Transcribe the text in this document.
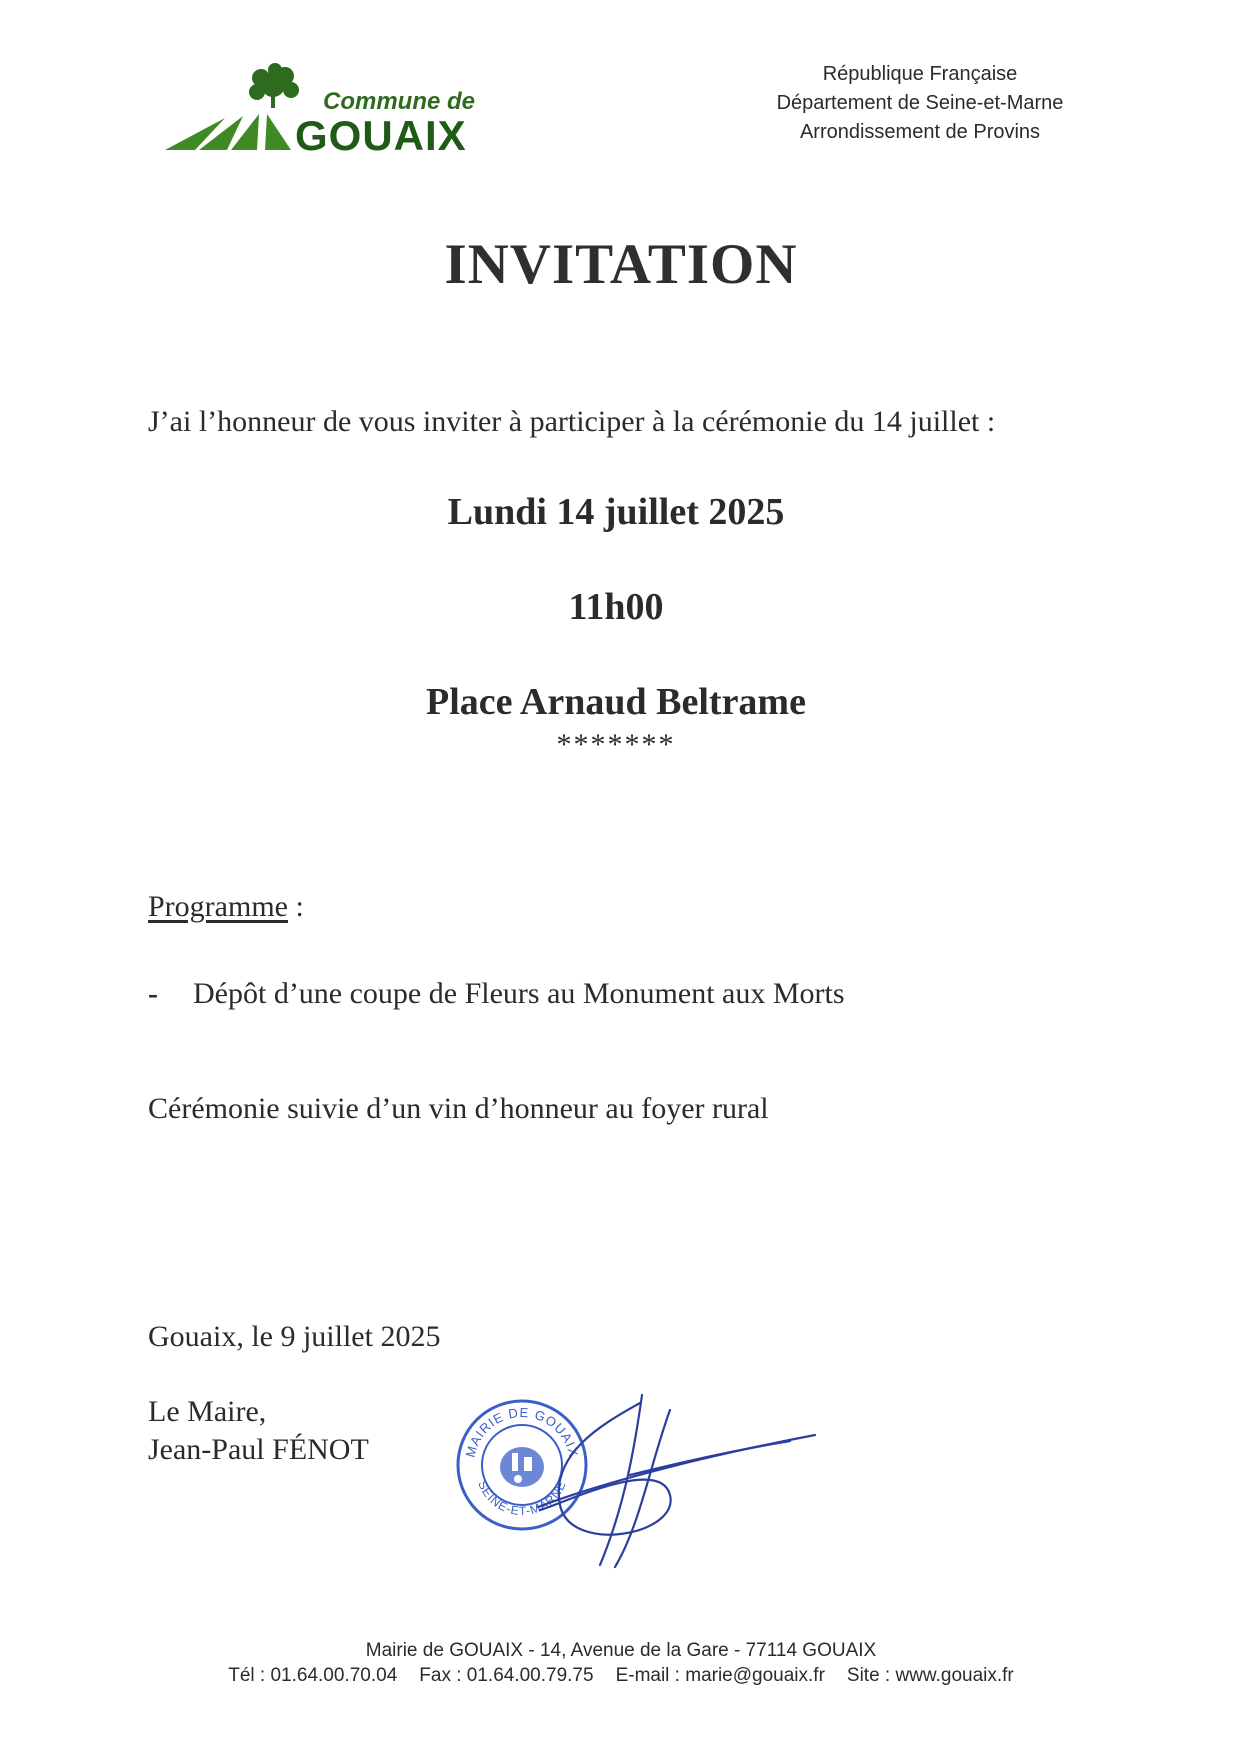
Commune de
GOUAIX
République Française
Département de Seine-et-Marne
Arrondissement de Provins
INVITATION
J’ai l’honneur de vous inviter à participer à la cérémonie du 14 juillet :
Lundi 14 juillet 2025
11h00
Place Arnaud Beltrame
*******
Programme :
- Dépôt d’une coupe de Fleurs au Monument aux Morts
Cérémonie suivie d’un vin d’honneur au foyer rural
Gouaix, le 9 juillet 2025
Le Maire,
Jean-Paul FÉNOT	MAIRIE DE GOUAIX
SEINE-ET-MARNE
Mairie de GOUAIX - 14, Avenue de la Gare - 77114 GOUAIX
Tél : 01.64.00.70.04 Fax : 01.64.00.79.75 E-mail : marie@gouaix.fr Site : www.gouaix.fr
